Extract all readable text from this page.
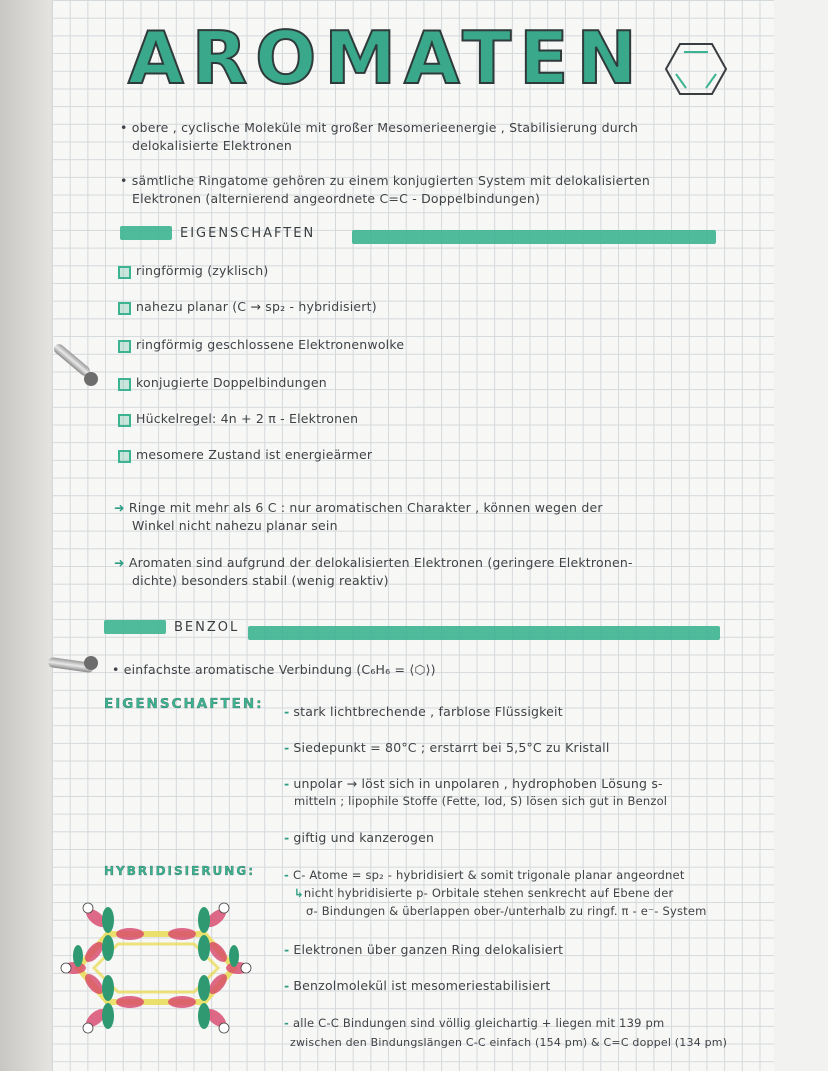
AROMATEN
• obere , cyclische Moleküle mit großer Mesomerieenergie , Stabilisierung durch
delokalisierte Elektronen
• sämtliche Ringatome gehören zu einem konjugierten System mit delokalisierten
Elektronen (alternierend angeordnete C=C - Doppelbindungen)
EIGENSCHAFTEN
ringförmig (zyklisch)
nahezu planar (C → sp₂ - hybridisiert)
ringförmig geschlossene Elektronenwolke
konjugierte Doppelbindungen
Hückelregel: 4n + 2 π - Elektronen
mesomere Zustand ist energieärmer
➜ Ringe mit mehr als 6 C : nur aromatischen Charakter , können wegen der
Winkel nicht nahezu planar sein
➜ Aromaten sind aufgrund der delokalisierten Elektronen (geringere Elektronen-
dichte) besonders stabil (wenig reaktiv)
BENZOL
• einfachste aromatische Verbindung (C₆H₆ = ⟨⬡⟩)
EIGENSCHAFTEN: - stark lichtbrechende , farblose Flüssigkeit
- Siedepunkt = 80°C ; erstarrt bei 5,5°C zu Kristall
- unpolar → löst sich in unpolaren , hydrophoben Lösung s-
mitteln ; lipophile Stoffe (Fette, Iod, S) lösen sich gut in Benzol
- giftig und kanzerogen
HYBRIDISIERUNG:	- C- Atome = sp₂ - hybridisiert & somit trigonale planar angeordnet
↳nicht hybridisierte p- Orbitale stehen senkrecht auf Ebene der
σ- Bindungen & überlappen ober-/unterhalb zu ringf. π - e⁻- System
- Elektronen über ganzen Ring delokalisiert
- Benzolmolekül ist mesomeriestabilisiert
- alle C-C Bindungen sind völlig gleichartig + liegen mit 139 pm
zwischen den Bindungslängen C-C einfach (154 pm) & C=C doppel (134 pm)
